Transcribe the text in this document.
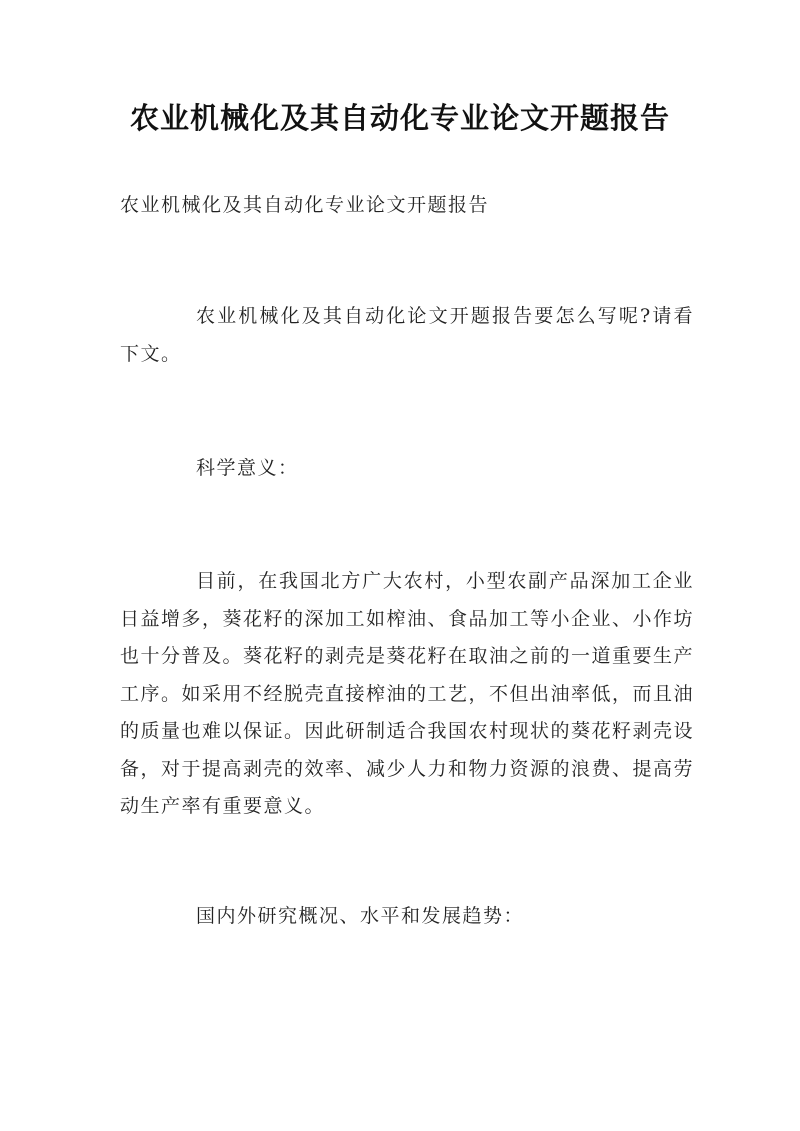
农业机械化及其自动化专业论文开题报告
农业机械化及其自动化专业论文开题报告
农业机械化及其自动化论文开题报告要怎么写呢?请看下文。
科学意义：
目前，在我国北方广大农村，小型农副产品深加工企业日益增多，葵花籽的深加工如榨油、食品加工等小企业、小作坊也十分普及。葵花籽的剥壳是葵花籽在取油之前的一道重要生产工序。如采用不经脱壳直接榨油的工艺，不但出油率低，而且油的质量也难以保证。因此研制适合我国农村现状的葵花籽剥壳设备，对于提高剥壳的效率、减少人力和物力资源的浪费、提高劳动生产率有重要意义。
国内外研究概况、水平和发展趋势：
